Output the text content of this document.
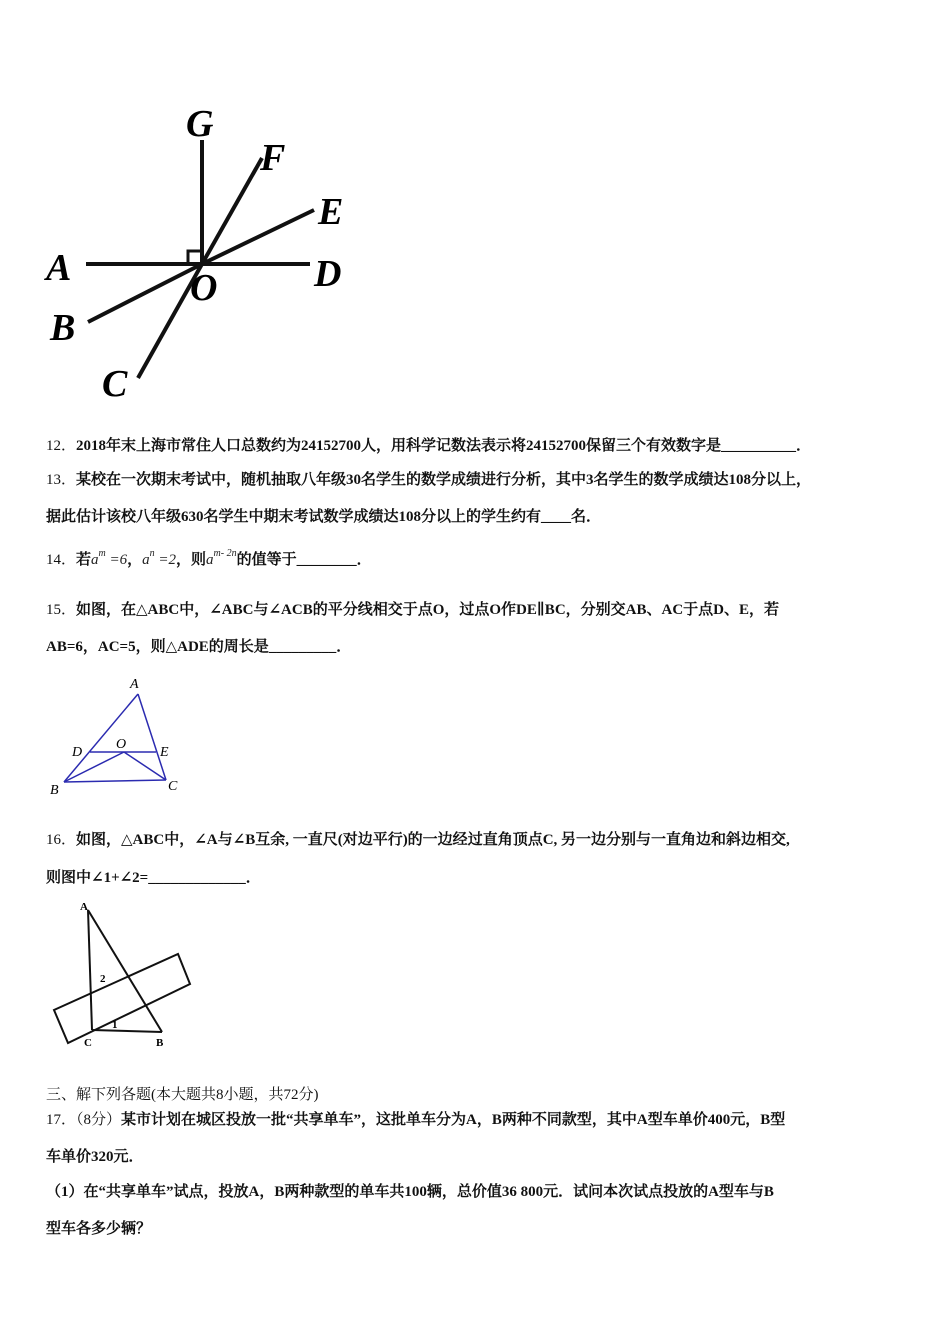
G
F
E
A	D
O
B
C
12．2018年末上海市常住人口总数约为24152700人，用科学记数法表示将24152700保留三个有效数字是__________．
13．某校在一次期末考试中，随机抽取八年级30名学生的数学成绩进行分析，其中3名学生的数学成绩达108分以上，
据此估计该校八年级630名学生中期末考试数学成绩达108分以上的学生约有____名．
14．若$a^m =6$，$a^n =2$，则$a^{m- 2n}$的值等于________．
15．如图，在△ABC中，∠ABC与∠ACB的平分线相交于点O，过点O作DE∥BC，分别交AB、AC于点D、E，若
AB=6，AC=5，则△ADE的周长是_________．
A
D
O
E
B	C
16．如图，△ABC中，∠A与∠B互余, 一直尺(对边平行)的一边经过直角顶点C, 另一边分别与一直角边和斜边相交,
则图中∠1+∠2=_____________．
A
2
1
C	B
三、解下列各题(本大题共8小题，共72分)
17．（8分）某市计划在城区投放一批“共享单车”，这批单车分为A，B两种不同款型，其中A型车单价400元，B型
车单价320元．
（1）在“共享单车”试点，投放A，B两种款型的单车共100辆，总价值36 800元．试问本次试点投放的A型车与B
型车各多少辆？
